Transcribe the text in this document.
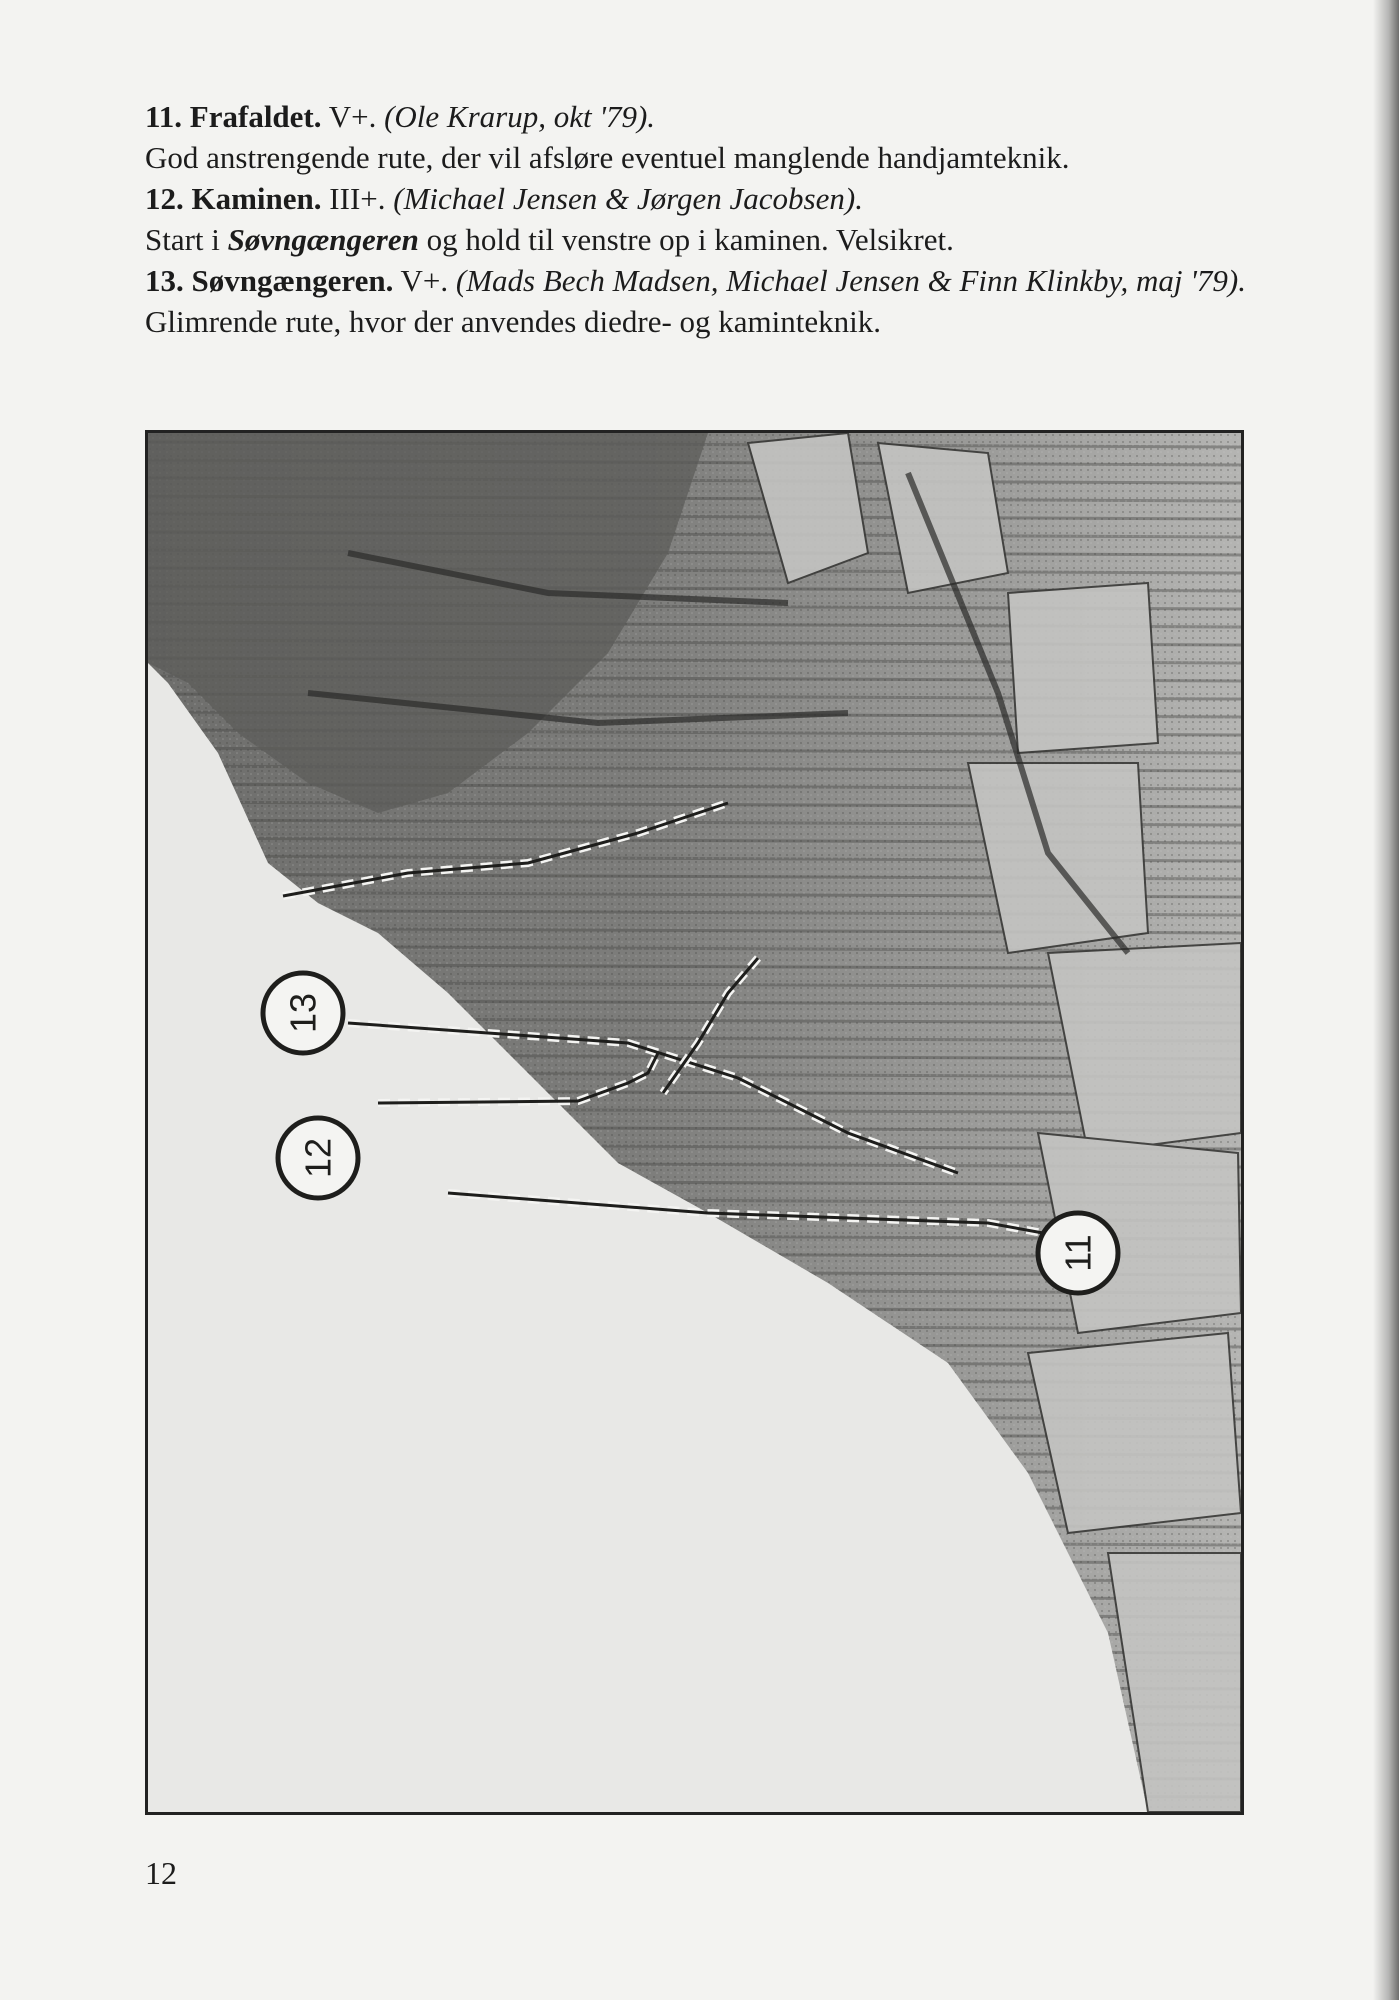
11. Frafaldet. V+. (Ole Krarup, okt '79).

God anstrengende rute, der vil afsløre eventuel manglende handjamteknik.

12. Kaminen. III+. (Michael Jensen & Jørgen Jacobsen).

Start i Søvngængeren og hold til venstre op i kaminen. Velsikret.

13. Søvngængeren. V+. (Mads Bech Madsen, Michael Jensen & Finn Klinkby, maj '79).

Glimrende rute, hvor der anvendes diedre- og kaminteknik.

13
12
11
12
